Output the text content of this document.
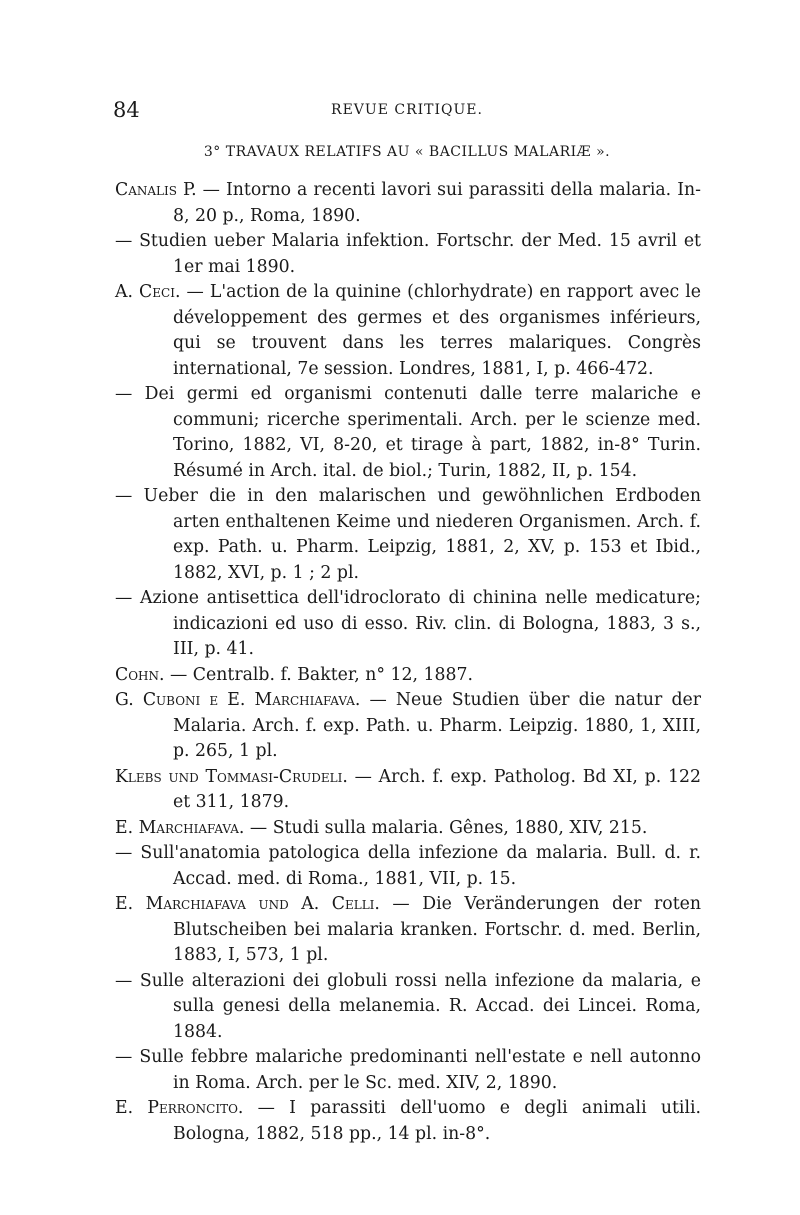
84	REVUE CRITIQUE.
3° TRAVAUX RELATIFS AU « BACILLUS MALARIÆ ».

Canalis P. — Intorno a recenti lavori sui parassiti della malaria. In-8, 20 p., Roma, 1890.

— Studien ueber Malaria infektion. Fortschr. der Med. 15 avril et 1er mai 1890.

A. Ceci. — L'action de la quinine (chlorhydrate) en rapport avec le développement des germes et des organismes inférieurs, qui se trouvent dans les terres malariques. Congrès international, 7e session. Londres, 1881, I, p. 466-472.

— Dei germi ed organismi contenuti dalle terre malariche e communi; ricerche sperimentali. Arch. per le scienze med. Torino, 1882, VI, 8-20, et tirage à part, 1882, in-8° Turin. Résumé in Arch. ital. de biol.; Turin, 1882, II, p. 154.

— Ueber die in den malarischen und gewöhnlichen Erdboden arten enthaltenen Keime und niederen Organismen. Arch. f. exp. Path. u. Pharm. Leipzig, 1881, 2, XV, p. 153 et Ibid., 1882, XVI, p. 1 ; 2 pl.

— Azione antisettica dell'idroclorato di chinina nelle medicature; indicazioni ed uso di esso. Riv. clin. di Bologna, 1883, 3 s., III, p. 41.

Cohn. — Centralb. f. Bakter, n° 12, 1887.

G. Cuboni e E. Marchiafava. — Neue Studien über die natur der Malaria. Arch. f. exp. Path. u. Pharm. Leipzig. 1880, 1, XIII, p. 265, 1 pl.

Klebs und Tommasi-Crudeli. — Arch. f. exp. Patholog. Bd XI, p. 122 et 311, 1879.

E. Marchiafava. — Studi sulla malaria. Gênes, 1880, XIV, 215.

— Sull'anatomia patologica della infezione da malaria. Bull. d. r. Accad. med. di Roma., 1881, VII, p. 15.

E. Marchiafava und A. Celli. — Die Veränderungen der roten Blutscheiben bei malaria kranken. Fortschr. d. med. Berlin, 1883, I, 573, 1 pl.

— Sulle alterazioni dei globuli rossi nella infezione da malaria, e sulla genesi della melanemia. R. Accad. dei Lincei. Roma, 1884.

— Sulle febbre malariche predominanti nell'estate e nell autonno in Roma. Arch. per le Sc. med. XIV, 2, 1890.

E. Perroncito. — I parassiti dell'uomo e degli animali utili. Bologna, 1882, 518 pp., 14 pl. in-8°.
